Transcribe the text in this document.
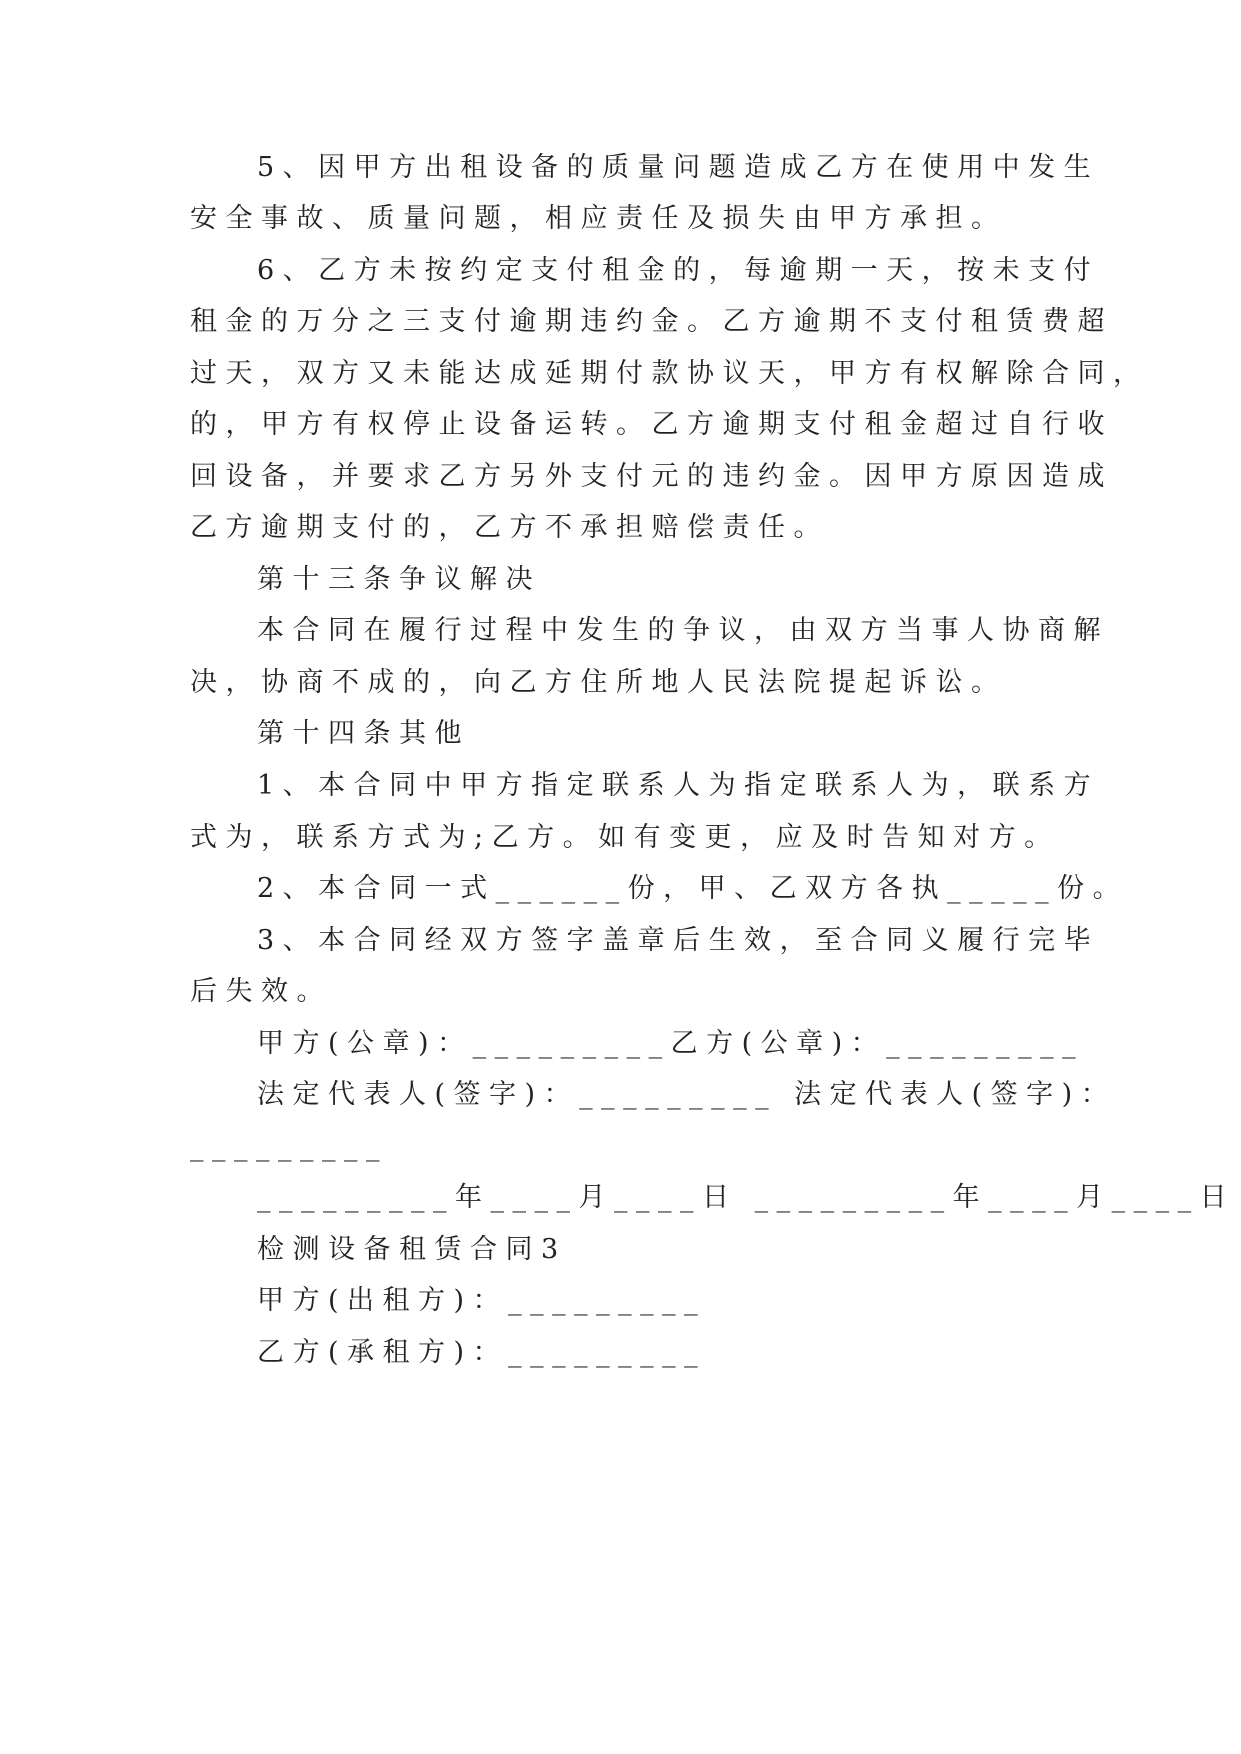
5、因甲方出租设备的质量问题造成乙方在使用中发生
安全事故、质量问题，相应责任及损失由甲方承担。
6、乙方未按约定支付租金的，每逾期一天，按未支付
租金的万分之三支付逾期违约金。乙方逾期不支付租赁费超
过天，双方又未能达成延期付款协议天，甲方有权解除合同，
的，甲方有权停止设备运转。乙方逾期支付租金超过自行收
回设备，并要求乙方另外支付元的违约金。因甲方原因造成
乙方逾期支付的，乙方不承担赔偿责任。
第十三条争议解决
本合同在履行过程中发生的争议，由双方当事人协商解
决，协商不成的，向乙方住所地人民法院提起诉讼。
第十四条其他
1、本合同中甲方指定联系人为指定联系人为，联系方
式为，联系方式为;乙方。如有变更，应及时告知对方。
2、本合同一式______份，甲、乙双方各执_____份。
3、本合同经双方签字盖章后生效，至合同义履行完毕
后失效。
甲方(公章)：_________乙方(公章)：_________
法定代表人(签字)：_________ 法定代表人(签字)：
_________
_________年____月____日 _________年____月____日
检测设备租赁合同3
甲方(出租方)：_________
乙方(承租方)：_________
